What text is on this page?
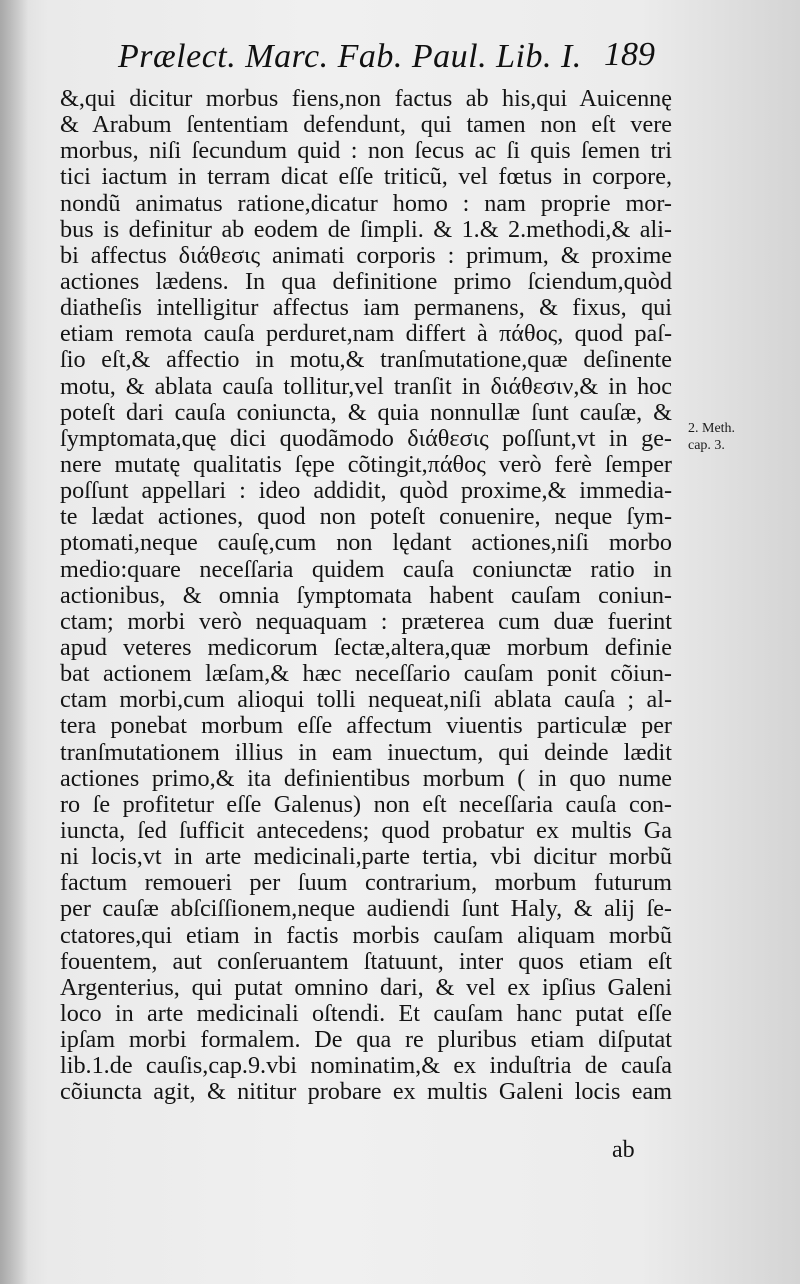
Prælect. Marc. Fab. Paul. Lib. I. 189
&,qui dicitur morbus fiens,non factus ab his,qui Auicennę
& Arabum ſententiam defendunt, qui tamen non eſt vere
morbus, niſi ſecundum quid : non ſecus ac ſi quis ſemen tri
tici iactum in terram dicat eſſe triticũ, vel fœtus in corpore,
nondũ animatus ratione,dicatur homo : nam proprie mor-
bus is definitur ab eodem de ſimpli. & 1.& 2.methodi,& ali-
bi affectus διάθεσις animati corporis : primum, & proxime
actiones lædens. In qua definitione primo ſciendum,quòd
diatheſis intelligitur affectus iam permanens, & fixus, qui
etiam remota cauſa perduret,nam differt à πάθος, quod paſ-
ſio eſt,& affectio in motu,& tranſmutatione,quæ deſinente
motu, & ablata cauſa tollitur,vel tranſit in διάθεσιν,& in hoc
poteſt dari cauſa coniuncta, & quia nonnullæ ſunt cauſæ, &
ſymptomata,quę dici quodãmodo διάθεσις poſſunt,vt in ge-
nere mutatę qualitatis ſępe cõtingit,πάθος verò ferè ſemper
poſſunt appellari : ideo addidit, quòd proxime,& immedia-
te lædat actiones, quod non poteſt conuenire, neque ſym-
ptomati,neque cauſę,cum non lędant actiones,niſi morbo
medio:quare neceſſaria quidem cauſa coniunctæ ratio in
actionibus, & omnia ſymptomata habent cauſam coniun-
ctam; morbi verò nequaquam : præterea cum duæ fuerint
apud veteres medicorum ſectæ,altera,quæ morbum definie
bat actionem læſam,& hæc neceſſario cauſam ponit cõiun-
ctam morbi,cum alioqui tolli nequeat,niſi ablata cauſa ; al-
tera ponebat morbum eſſe affectum viuentis particulæ per
tranſmutationem illius in eam inuectum, qui deinde lædit
actiones primo,& ita definientibus morbum ( in quo nume
ro ſe profitetur eſſe Galenus) non eſt neceſſaria cauſa con-
iuncta, ſed ſufficit antecedens; quod probatur ex multis Ga
ni locis,vt in arte medicinali,parte tertia, vbi dicitur morbũ
factum remoueri per ſuum contrarium, morbum futurum
per cauſæ abſciſſionem,neque audiendi ſunt Haly, & alij ſe-
ctatores,qui etiam in factis morbis cauſam aliquam morbũ
fouentem, aut conſeruantem ſtatuunt, inter quos etiam eſt
Argenterius, qui putat omnino dari, & vel ex ipſius Galeni
loco in arte medicinali oſtendi. Et cauſam hanc putat eſſe
ipſam morbi formalem. De qua re pluribus etiam diſputat
lib.1.de cauſis,cap.9.vbi nominatim,& ex induſtria de cauſa
cõiuncta agit, & nititur probare ex multis Galeni locis eam
2. Meth.
cap. 3.
ab
